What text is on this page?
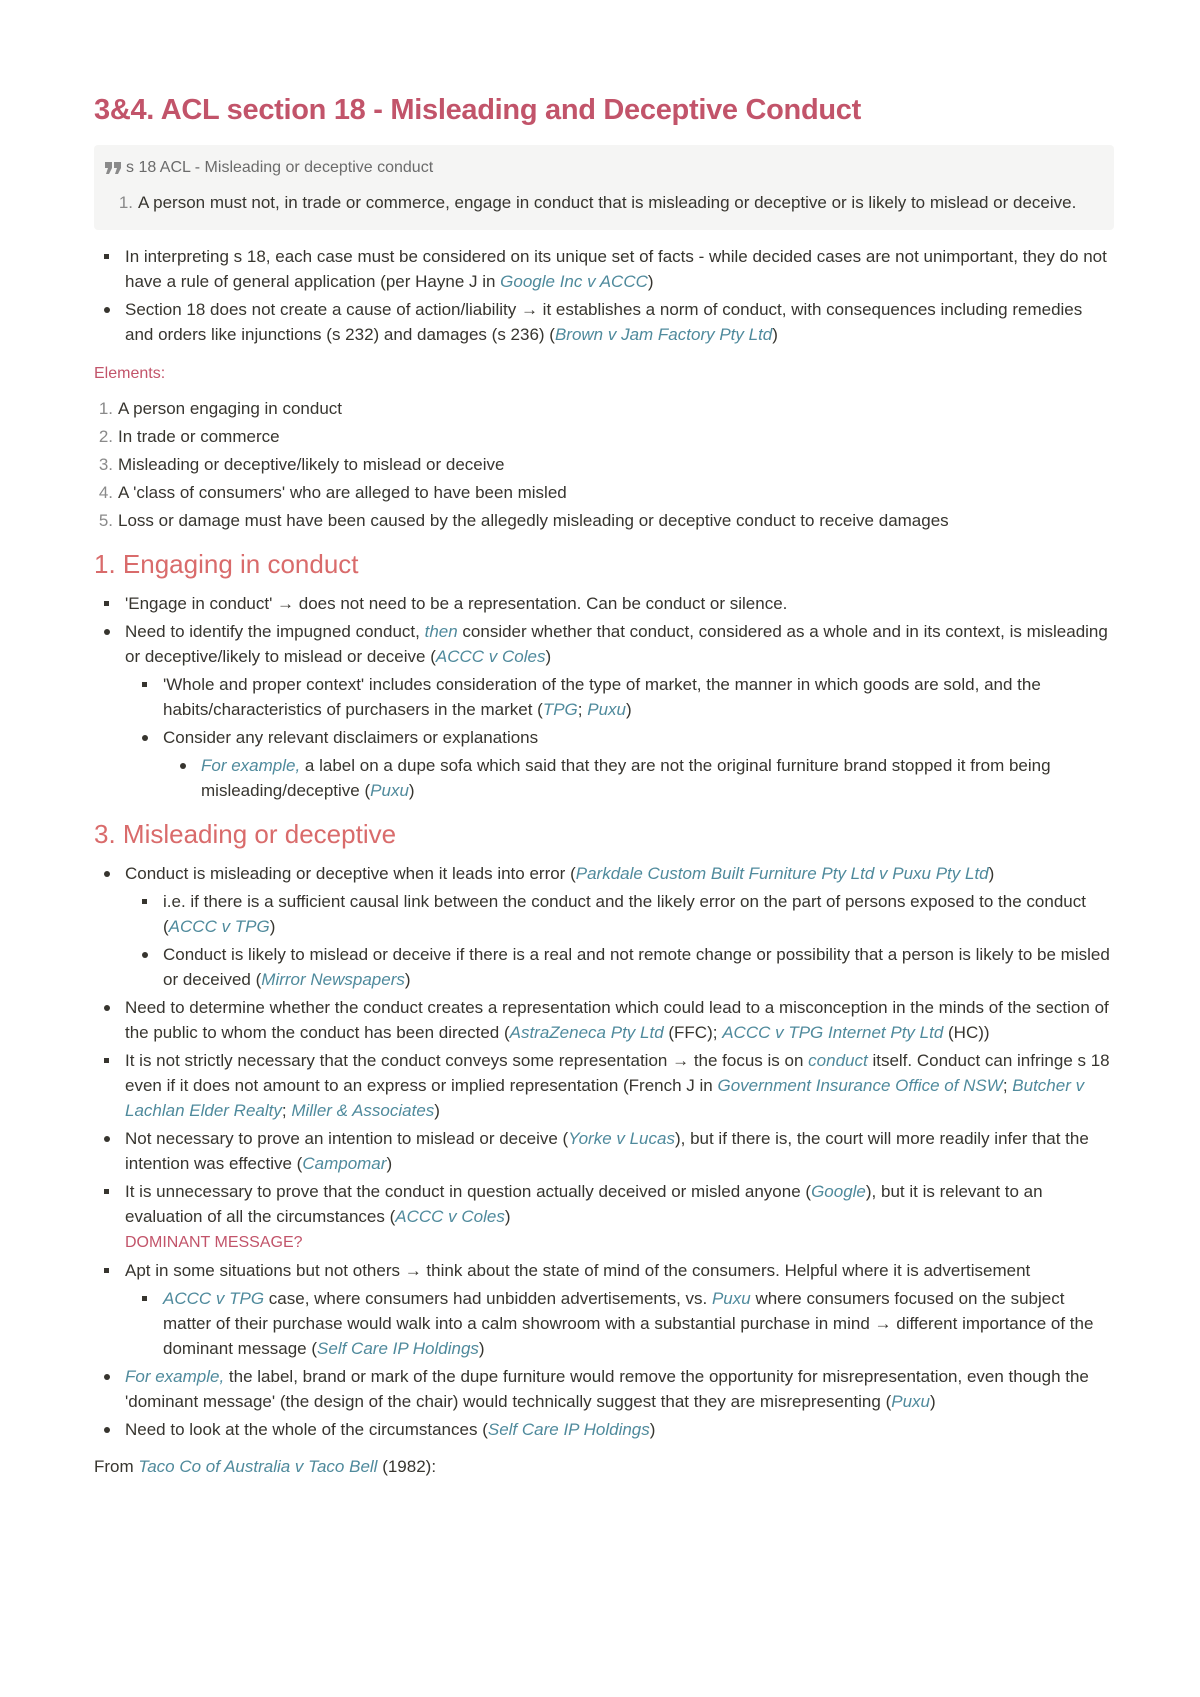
3&4. ACL section 18 - Misleading and Deceptive Conduct
s 18 ACL - Misleading or deceptive conduct
1. A person must not, in trade or commerce, engage in conduct that is misleading or deceptive or is likely to mislead or deceive.
In interpreting s 18, each case must be considered on its unique set of facts - while decided cases are not unimportant, they do not have a rule of general application (per Hayne J in Google Inc v ACCC)
Section 18 does not create a cause of action/liability → it establishes a norm of conduct, with consequences including remedies and orders like injunctions (s 232) and damages (s 236) (Brown v Jam Factory Pty Ltd)
Elements:
1. A person engaging in conduct
2. In trade or commerce
3. Misleading or deceptive/likely to mislead or deceive
4. A 'class of consumers' who are alleged to have been misled
5. Loss or damage must have been caused by the allegedly misleading or deceptive conduct to receive damages
1. Engaging in conduct
'Engage in conduct' → does not need to be a representation. Can be conduct or silence.
Need to identify the impugned conduct, then consider whether that conduct, considered as a whole and in its context, is misleading or deceptive/likely to mislead or deceive (ACCC v Coles)
'Whole and proper context' includes consideration of the type of market, the manner in which goods are sold, and the habits/characteristics of purchasers in the market (TPG; Puxu)
Consider any relevant disclaimers or explanations
For example, a label on a dupe sofa which said that they are not the original furniture brand stopped it from being misleading/deceptive (Puxu)
3. Misleading or deceptive
Conduct is misleading or deceptive when it leads into error (Parkdale Custom Built Furniture Pty Ltd v Puxu Pty Ltd)
i.e. if there is a sufficient causal link between the conduct and the likely error on the part of persons exposed to the conduct (ACCC v TPG)
Conduct is likely to mislead or deceive if there is a real and not remote change or possibility that a person is likely to be misled or deceived (Mirror Newspapers)
Need to determine whether the conduct creates a representation which could lead to a misconception in the minds of the section of the public to whom the conduct has been directed (AstraZeneca Pty Ltd (FFC); ACCC v TPG Internet Pty Ltd (HC))
It is not strictly necessary that the conduct conveys some representation → the focus is on conduct itself. Conduct can infringe s 18 even if it does not amount to an express or implied representation (French J in Government Insurance Office of NSW; Butcher v Lachlan Elder Realty; Miller & Associates)
Not necessary to prove an intention to mislead or deceive (Yorke v Lucas), but if there is, the court will more readily infer that the intention was effective (Campomar)
It is unnecessary to prove that the conduct in question actually deceived or misled anyone (Google), but it is relevant to an evaluation of all the circumstances (ACCC v Coles)
DOMINANT MESSAGE?
Apt in some situations but not others → think about the state of mind of the consumers. Helpful where it is advertisement
ACCC v TPG case, where consumers had unbidden advertisements, vs. Puxu where consumers focused on the subject matter of their purchase would walk into a calm showroom with a substantial purchase in mind → different importance of the dominant message (Self Care IP Holdings)
For example, the label, brand or mark of the dupe furniture would remove the opportunity for misrepresentation, even though the 'dominant message' (the design of the chair) would technically suggest that they are misrepresenting (Puxu)
Need to look at the whole of the circumstances (Self Care IP Holdings)

From Taco Co of Australia v Taco Bell (1982):
